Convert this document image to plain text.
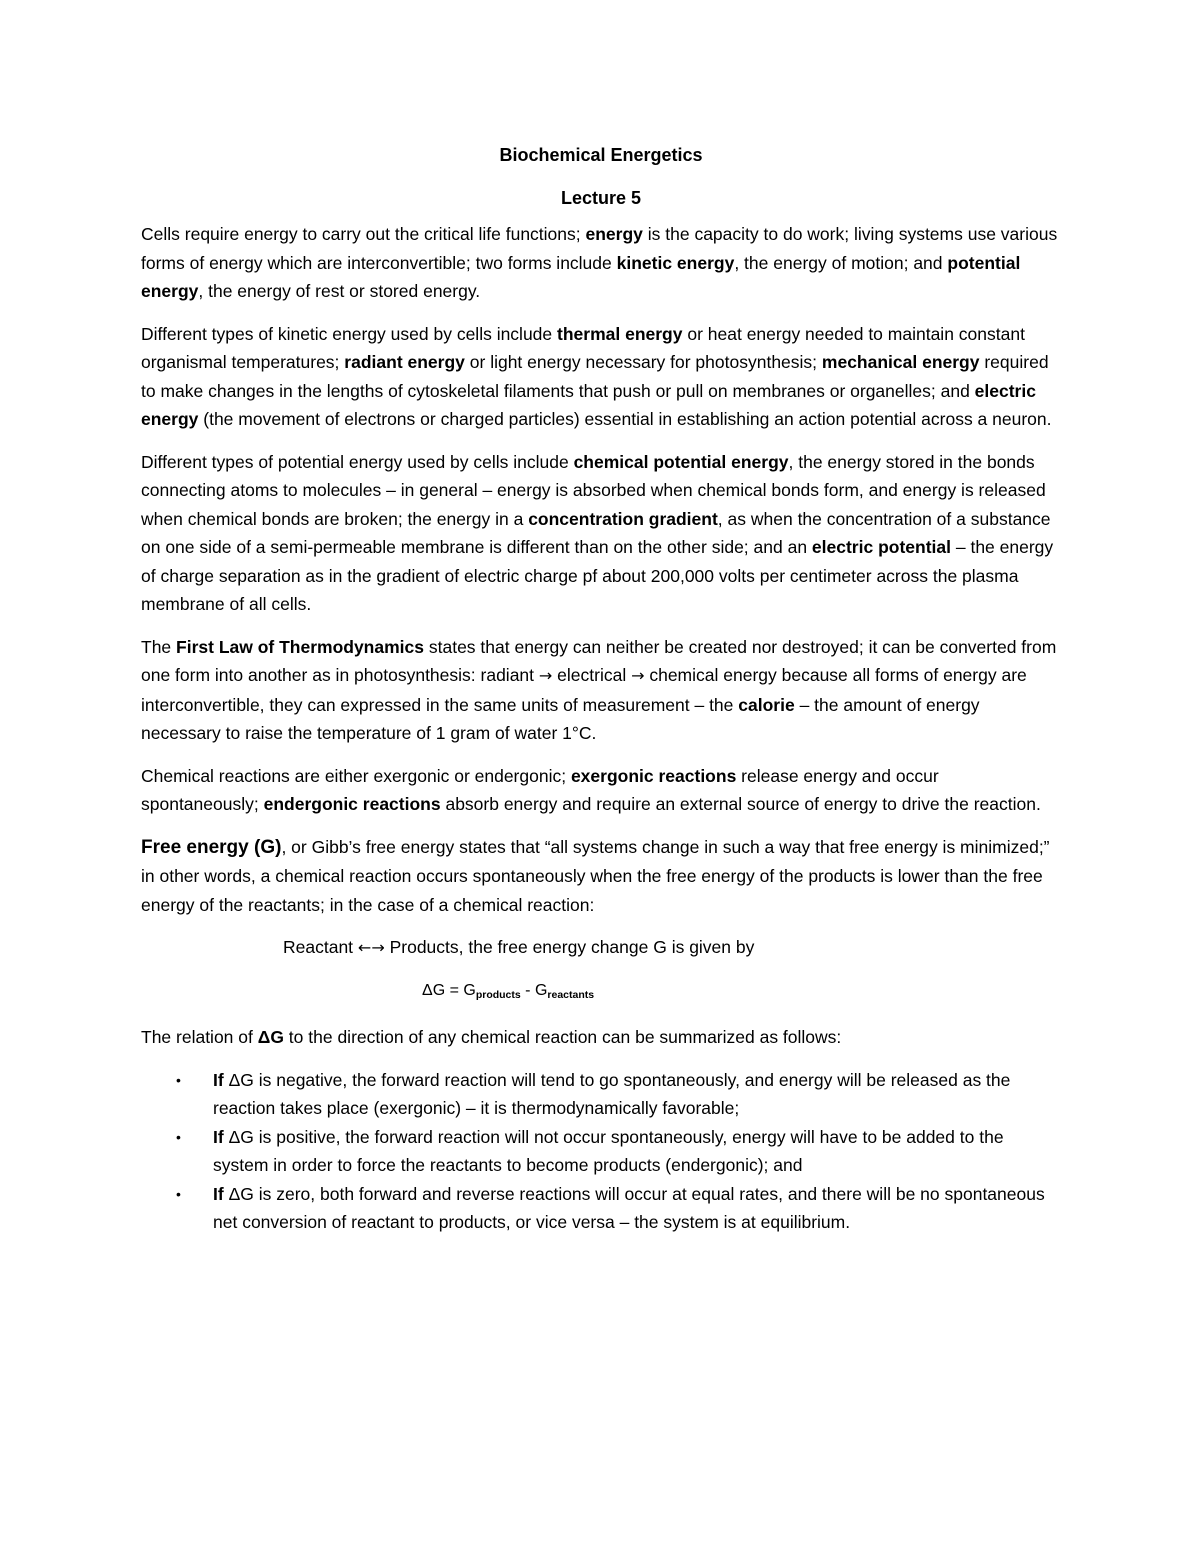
Biochemical Energetics
Lecture 5

Cells require energy to carry out the critical life functions; energy is the capacity to do work; living systems use various forms of energy which are interconvertible; two forms include kinetic energy, the energy of motion; and potential energy, the energy of rest or stored energy.

Different types of kinetic energy used by cells include thermal energy or heat energy needed to maintain constant organismal temperatures; radiant energy or light energy necessary for photosynthesis; mechanical energy required to make changes in the lengths of cytoskeletal filaments that push or pull on membranes or organelles; and electric energy (the movement of electrons or charged particles) essential in establishing an action potential across a neuron.

Different types of potential energy used by cells include chemical potential energy, the energy stored in the bonds connecting atoms to molecules – in general – energy is absorbed when chemical bonds form, and energy is released when chemical bonds are broken; the energy in a concentration gradient, as when the concentration of a substance on one side of a semi-permeable membrane is different than on the other side; and an electric potential – the energy of charge separation as in the gradient of electric charge pf about 200,000 volts per centimeter across the plasma membrane of all cells.

The First Law of Thermodynamics states that energy can neither be created nor destroyed; it can be converted from one form into another as in photosynthesis: radiant → electrical → chemical energy because all forms of energy are interconvertible, they can expressed in the same units of measurement – the calorie – the amount of energy necessary to raise the temperature of 1 gram of water 1°C.

Chemical reactions are either exergonic or endergonic; exergonic reactions release energy and occur spontaneously; endergonic reactions absorb energy and require an external source of energy to drive the reaction.

Free energy (G), or Gibb’s free energy states that “all systems change in such a way that free energy is minimized;” in other words, a chemical reaction occurs spontaneously when the free energy of the products is lower than the free energy of the reactants; in the case of a chemical reaction:

Reactant ←→ Products, the free energy change G is given by

$\Delta G = G_{products} - G_{reactants}$

The relation of ΔG to the direction of any chemical reaction can be summarized as follows:

• If ΔG is negative, the forward reaction will tend to go spontaneously, and energy will be released as the reaction takes place (exergonic) – it is thermodynamically favorable;
• If ΔG is positive, the forward reaction will not occur spontaneously, energy will have to be added to the system in order to force the reactants to become products (endergonic); and
• If ΔG is zero, both forward and reverse reactions will occur at equal rates, and there will be no spontaneous net conversion of reactant to products, or vice versa – the system is at equilibrium.
